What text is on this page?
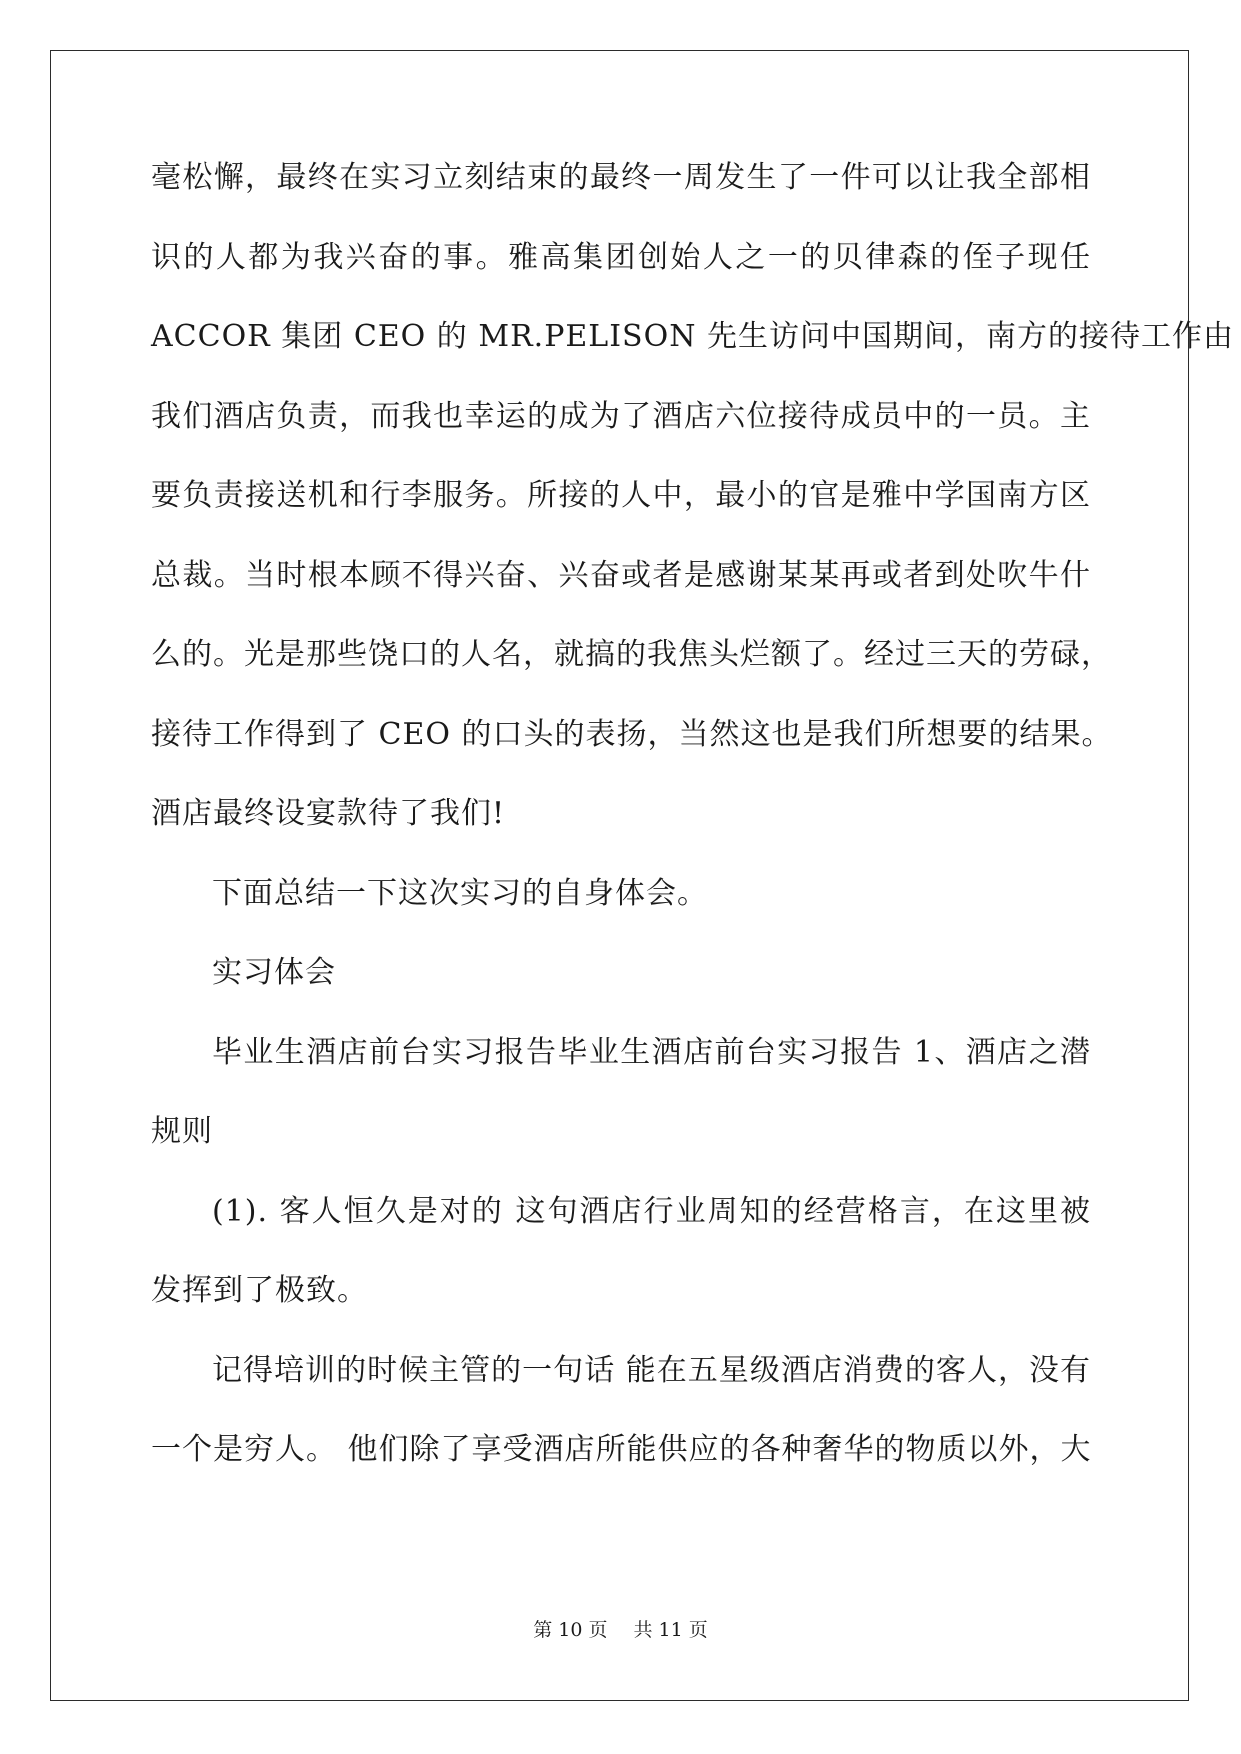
毫松懈，最终在实习立刻结束的最终一周发生了一件可以让我全部相
识的人都为我兴奋的事。雅高集团创始人之一的贝律森的侄子现任
ACCOR 集团 CEO 的 MR.PELISON 先生访问中国期间，南方的接待工作由
我们酒店负责，而我也幸运的成为了酒店六位接待成员中的一员。主
要负责接送机和行李服务。所接的人中，最小的官是雅中学国南方区
总裁。当时根本顾不得兴奋、兴奋或者是感谢某某再或者到处吹牛什
么的。光是那些饶口的人名，就搞的我焦头烂额了。经过三天的劳碌，
接待工作得到了 CEO 的口头的表扬，当然这也是我们所想要的结果。
酒店最终设宴款待了我们!
下面总结一下这次实习的自身体会。
实习体会
毕业生酒店前台实习报告毕业生酒店前台实习报告 1、酒店之潜
规则
(1). 客人恒久是对的 这句酒店行业周知的经营格言，在这里被
发挥到了极致。
记得培训的时候主管的一句话 能在五星级酒店消费的客人，没有
一个是穷人。 他们除了享受酒店所能供应的各种奢华的物质以外，大
第 10 页 共 11 页
